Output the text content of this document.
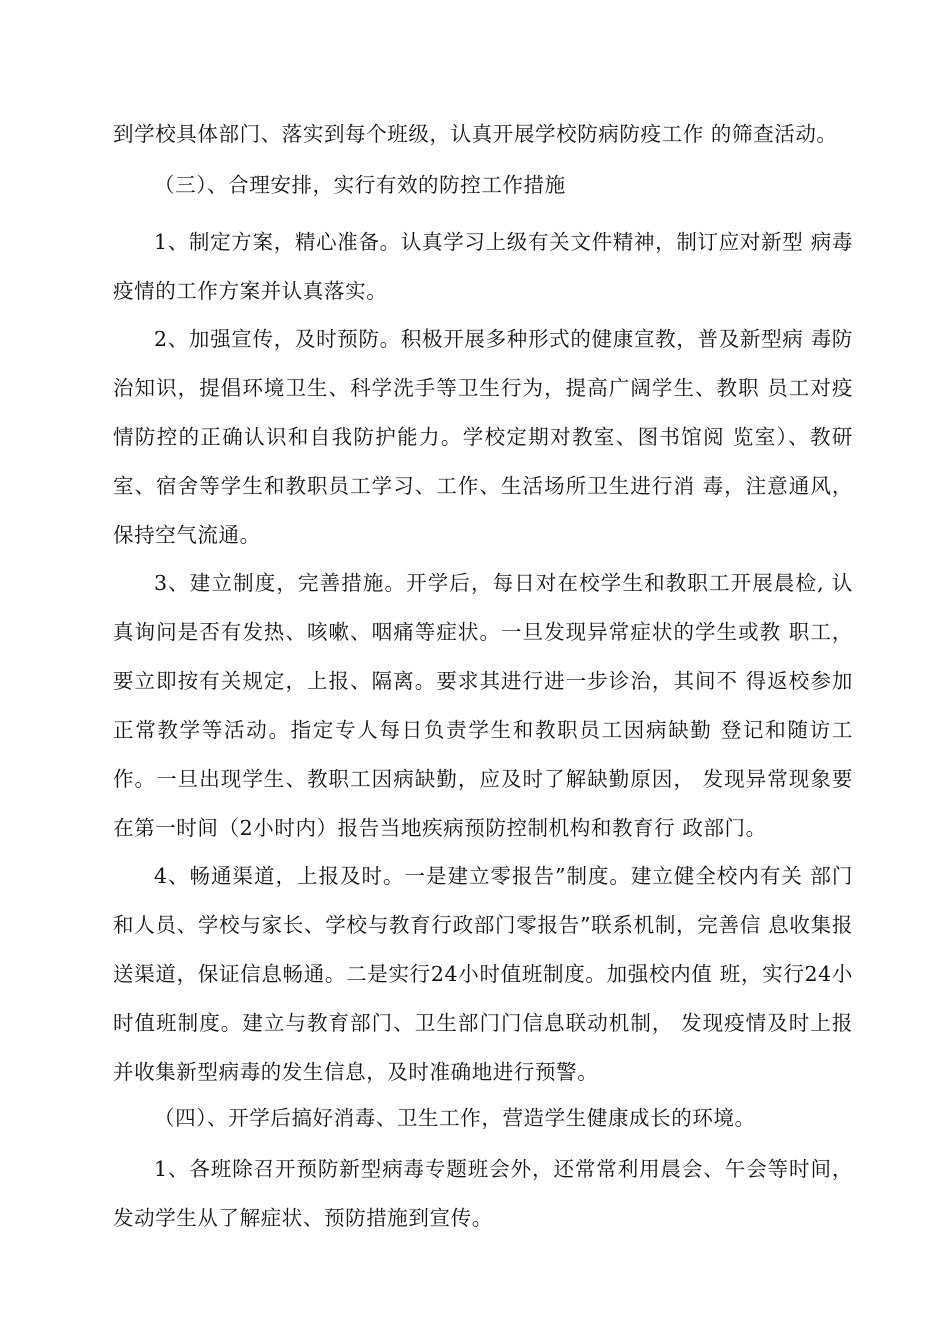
到学校具体部门、落实到每个班级，认真开展学校防病防疫工作 的筛查活动。

（三）、合理安排，实行有效的防控工作措施

1、制定方案，精心准备。认真学习上级有关文件精神，制订应对新型 病毒疫情的工作方案并认真落实。

2、加强宣传，及时预防。积极开展多种形式的健康宣教，普及新型病 毒防治知识，提倡环境卫生、科学洗手等卫生行为，提高广阔学生、教职 员工对疫情防控的正确认识和自我防护能力。学校定期对教室、图书馆阅 览室）、教研室、宿舍等学生和教职员工学习、工作、生活场所卫生进行消 毒，注意通风，保持空气流通。

3、建立制度，完善措施。开学后，每日对在校学生和教职工开展晨检, 认真询问是否有发热、咳嗽、咽痛等症状。一旦发现异常症状的学生或教 职工，要立即按有关规定，上报、隔离。要求其进行进一步诊治，其间不 得返校参加正常教学等活动。指定专人每日负责学生和教职员工因病缺勤 登记和随访工作。一旦出现学生、教职工因病缺勤，应及时了解缺勤原因， 发现异常现象要在第一时间（2小时内）报告当地疾病预防控制机构和教育行 政部门。

4、畅通渠道，上报及时。一是建立零报告”制度。建立健全校内有关 部门和人员、学校与家长、学校与教育行政部门零报告”联系机制，完善信 息收集报送渠道，保证信息畅通。二是实行24小时值班制度。加强校内值 班，实行24小时值班制度。建立与教育部门、卫生部门门信息联动机制， 发现疫情及时上报并收集新型病毒的发生信息，及时准确地进行预警。

（四）、开学后搞好消毒、卫生工作，营造学生健康成长的环境。

1、各班除召开预防新型病毒专题班会外，还常常利用晨会、午会等时间，发动学生从了解症状、预防措施到宣传。
